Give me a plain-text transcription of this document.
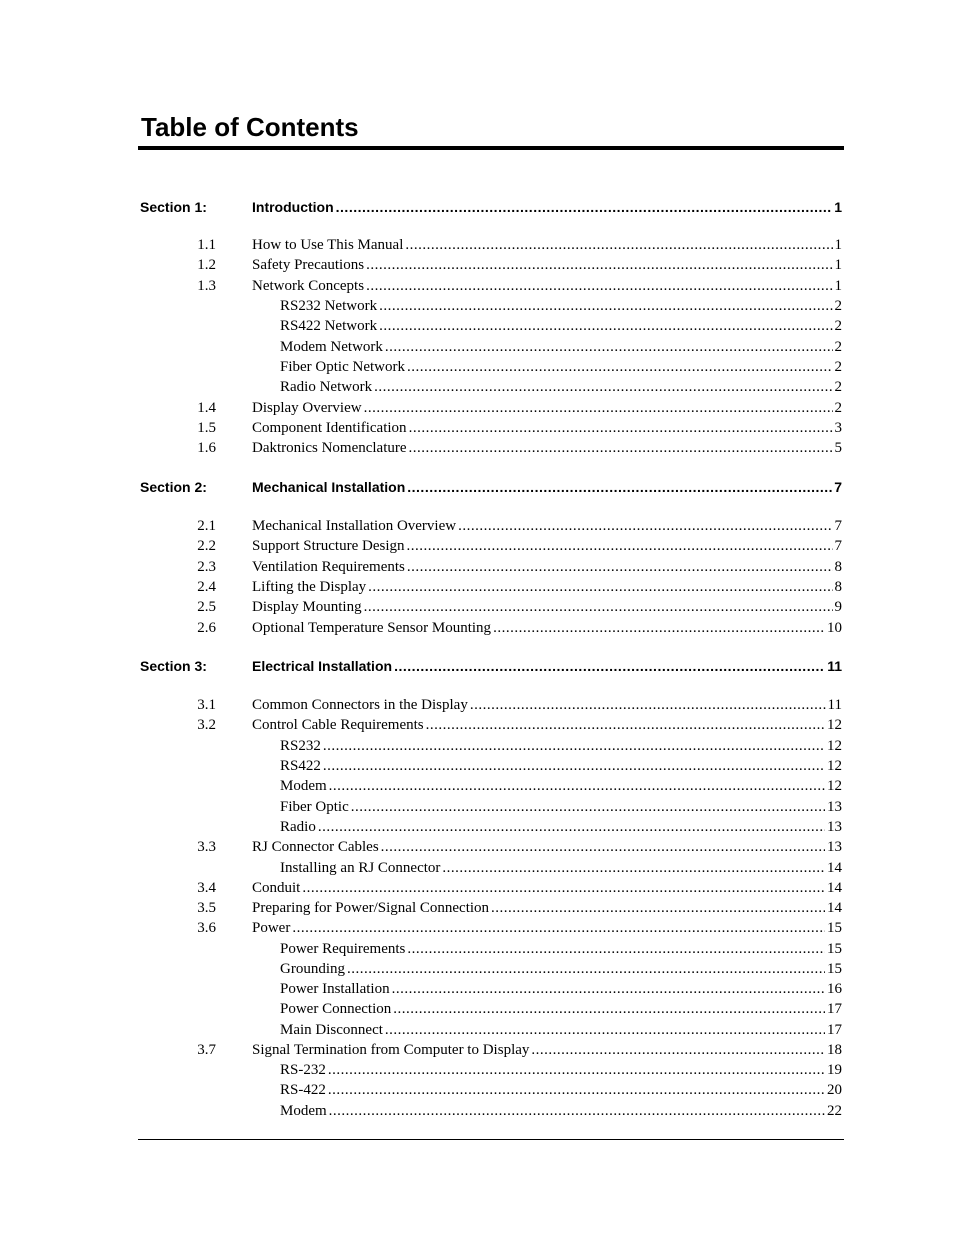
Table of Contents
Section 1:	Introduction .....	1
1.1 How to Use This Manual .....	1
1.2 Safety Precautions .....	1
1.3 Network Concepts .....	1
RS232 Network .....	2
RS422 Network .....	2
Modem Network .....	2
Fiber Optic Network .....	2
Radio Network .....	2
1.4 Display Overview .....	2
1.5 Component Identification .....	3
1.6 Daktronics Nomenclature .....	5
Section 2:	Mechanical Installation .....	7
2.1 Mechanical Installation Overview .....	7
2.2 Support Structure Design .....	7
2.3 Ventilation Requirements .....	8
2.4 Lifting the Display .....	8
2.5 Display Mounting .....	9
2.6 Optional Temperature Sensor Mounting .....	10
Section 3:	Electrical Installation .....	11
3.1 Common Connectors in the Display .....	11
3.2 Control Cable Requirements .....	12
RS232 .....	12
RS422 .....	12
Modem .....	12
Fiber Optic .....	13
Radio .....	13
3.3 RJ Connector Cables .....	13
Installing an RJ Connector .....	14
3.4 Conduit .....	14
3.5 Preparing for Power/Signal Connection .....	14
3.6 Power .....	15
Power Requirements .....	15
Grounding .....	15
Power Installation .....	16
Power Connection .....	17
Main Disconnect .....	17
3.7 Signal Termination from Computer to Display .....	18
RS-232 .....	19
RS-422 .....	20
Modem .....	22
